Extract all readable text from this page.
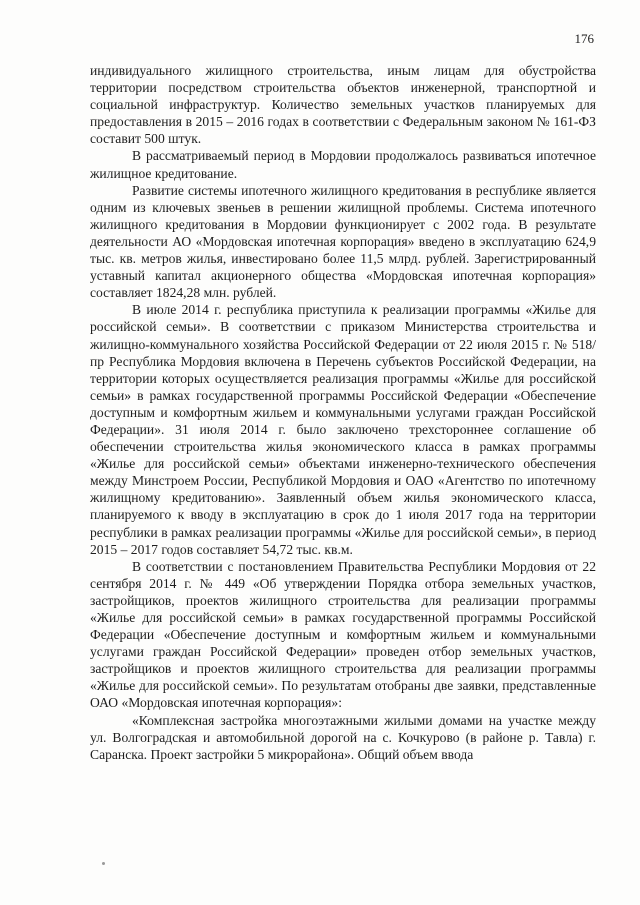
176

индивидуального жилищного строительства, иным лицам для обустройства территории посредством строительства объектов инженерной, транспортной и социальной инфраструктур. Количество земельных участков планируемых для предоставления в 2015 – 2016 годах в соответствии с Федеральным законом № 161-ФЗ составит 500 штук.

В рассматриваемый период в Мордовии продолжалось развиваться ипотечное жилищное кредитование.

Развитие системы ипотечного жилищного кредитования в республике является одним из ключевых звеньев в решении жилищной проблемы. Система ипотечного жилищного кредитования в Мордовии функционирует с 2002 года. В результате деятельности АО «Мордовская ипотечная корпорация» введено в эксплуатацию 624,9 тыс. кв. метров жилья, инвестировано более 11,5 млрд. рублей. Зарегистрированный уставный капитал акционерного общества «Мордовская ипотечная корпорация» составляет 1824,28 млн. рублей.

В июле 2014 г. республика приступила к реализации программы «Жилье для российской семьи». В соответствии с приказом Министерства строительства и жилищно-коммунального хозяйства Российской Федерации от 22 июля 2015 г. № 518/пр Республика Мордовия включена в Перечень субъектов Российской Федерации, на территории которых осуществляется реализация программы «Жилье для российской семьи» в рамках государственной программы Российской Федерации «Обеспечение доступным и комфортным жильем и коммунальными услугами граждан Российской Федерации». 31 июля 2014 г. было заключено трехстороннее соглашение об обеспечении строительства жилья экономического класса в рамках программы «Жилье для российской семьи» объектами инженерно-технического обеспечения между Минстроем России, Республикой Мордовия и ОАО «Агентство по ипотечному жилищному кредитованию». Заявленный объем жилья экономического класса, планируемого к вводу в эксплуатацию в срок до 1 июля 2017 года на территории республики в рамках реализации программы «Жилье для российской семьи», в период 2015 – 2017 годов составляет 54,72 тыс. кв.м.

В соответствии с постановлением Правительства Республики Мордовия от 22 сентября 2014 г. № 449 «Об утверждении Порядка отбора земельных участков, застройщиков, проектов жилищного строительства для реализации программы «Жилье для российской семьи» в рамках государственной программы Российской Федерации «Обеспечение доступным и комфортным жильем и коммунальными услугами граждан Российской Федерации» проведен отбор земельных участков, застройщиков и проектов жилищного строительства для реализации программы «Жилье для российской семьи». По результатам отобраны две заявки, представленные ОАО «Мордовская ипотечная корпорация»:

«Комплексная застройка многоэтажными жилыми домами на участке между ул. Волгоградская и автомобильной дорогой на с. Кочкурово (в районе р. Тавла) г. Саранска. Проект застройки 5 микрорайона». Общий объем ввода
